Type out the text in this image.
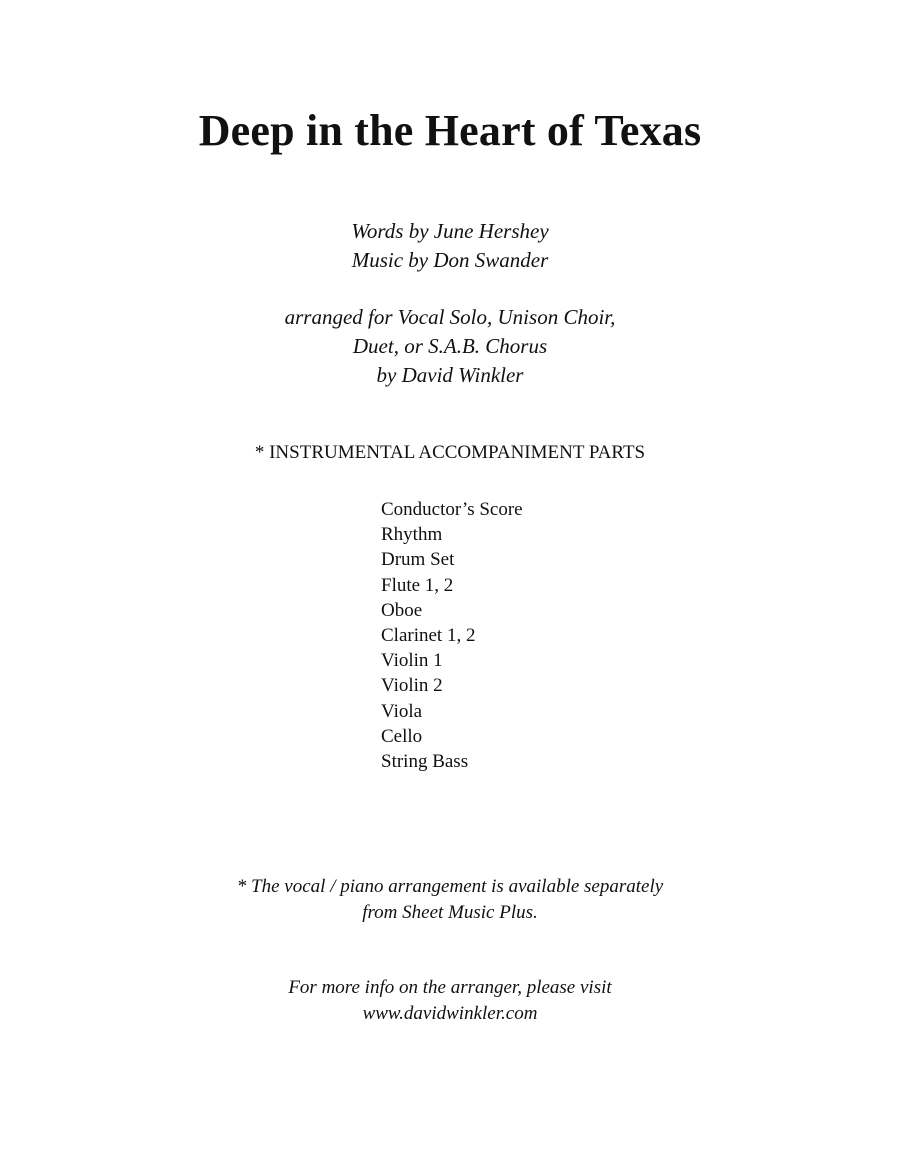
Deep in the Heart of Texas
Words by June Hershey
Music by Don Swander
arranged for Vocal Solo, Unison Choir,
Duet, or S.A.B. Chorus
by David Winkler
* INSTRUMENTAL ACCOMPANIMENT PARTS
Conductor’s Score
Rhythm
Drum Set
Flute 1, 2
Oboe
Clarinet 1, 2
Violin 1
Violin 2
Viola
Cello
String Bass
* The vocal / piano arrangement is available separately
from Sheet Music Plus.
For more info on the arranger, please visit
www.davidwinkler.com
